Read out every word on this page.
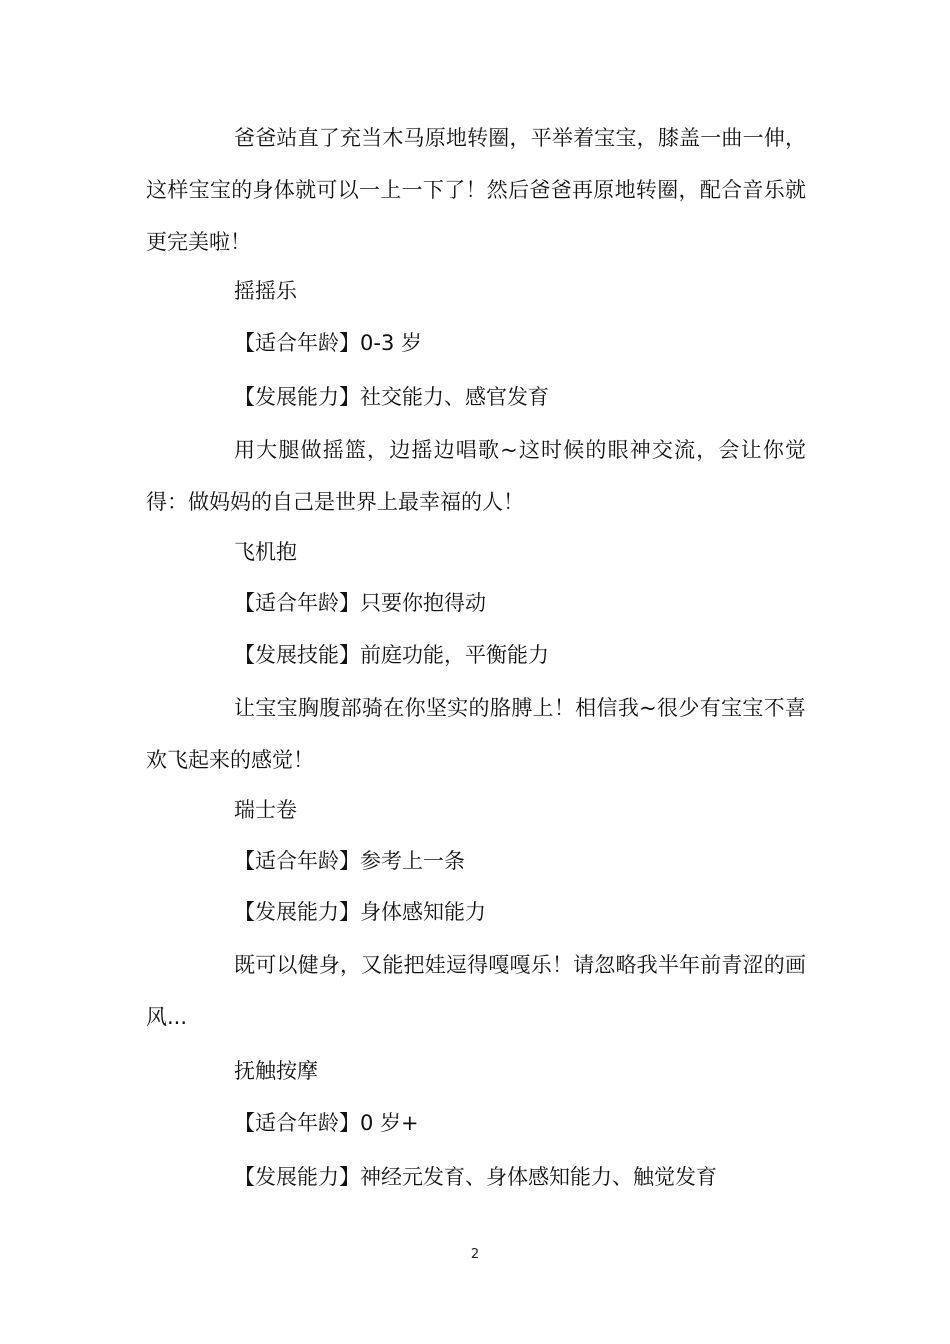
爸爸站直了充当木马原地转圈，平举着宝宝，膝盖一曲一伸，这样宝宝的身体就可以一上一下了！然后爸爸再原地转圈，配合音乐就更完美啦！

摇摇乐

【适合年龄】0-3 岁

【发展能力】社交能力、感官发育

用大腿做摇篮，边摇边唱歌~这时候的眼神交流，会让你觉得：做妈妈的自己是世界上最幸福的人！

飞机抱

【适合年龄】只要你抱得动

【发展技能】前庭功能，平衡能力

让宝宝胸腹部骑在你坚实的胳膊上！相信我~很少有宝宝不喜欢飞起来的感觉！

瑞士卷

【适合年龄】参考上一条

【发展能力】身体感知能力

既可以健身，又能把娃逗得嘎嘎乐！请忽略我半年前青涩的画风...

抚触按摩

【适合年龄】0 岁+

【发展能力】神经元发育、身体感知能力、触觉发育

2
